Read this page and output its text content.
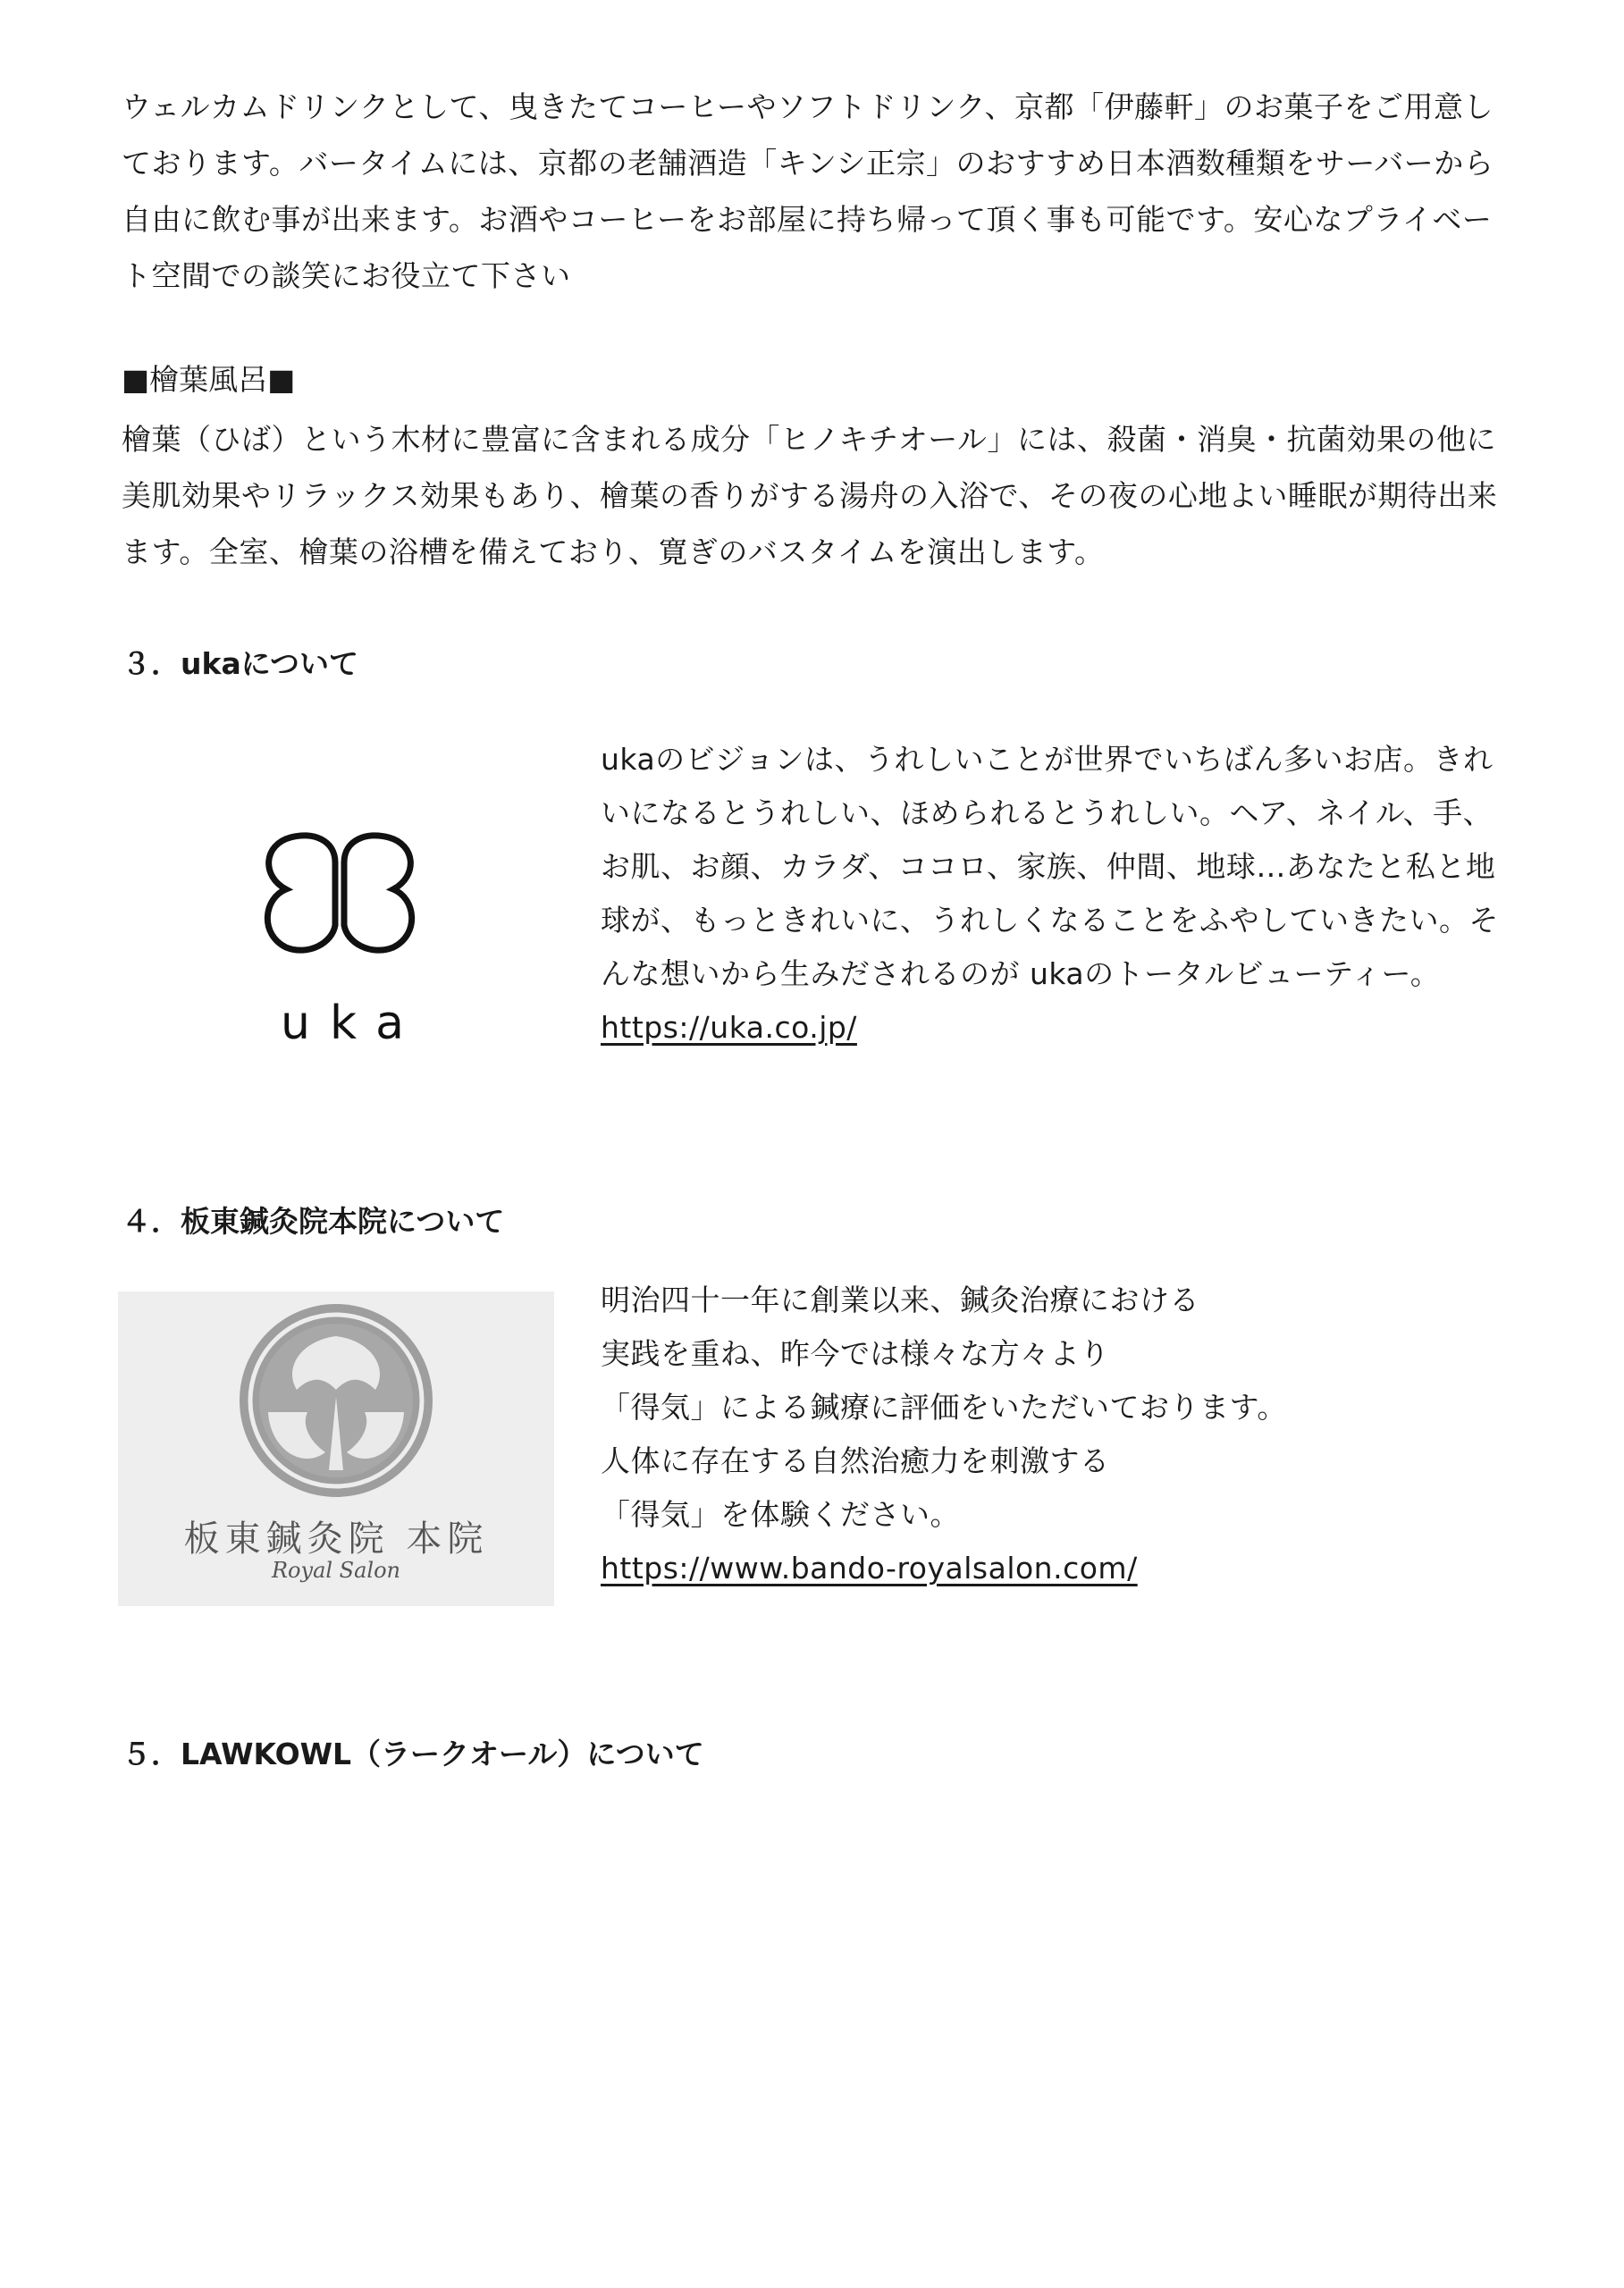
ウェルカムドリンクとして、曳きたてコーヒーやソフトドリンク、京都「伊藤軒」のお菓子をご用意し
ております。バータイムには、京都の老舗酒造「キンシ正宗」のおすすめ日本酒数種類をサーバーから
自由に飲む事が出来ます。お酒やコーヒーをお部屋に持ち帰って頂く事も可能です。安心なプライベー
ト空間での談笑にお役立て下さい
■檜葉風呂■
檜葉（ひば）という木材に豊富に含まれる成分「ヒノキチオール」には、殺菌・消臭・抗菌効果の他に
美肌効果やリラックス効果もあり、檜葉の香りがする湯舟の入浴で、その夜の心地よい睡眠が期待出来
ます。全室、檜葉の浴槽を備えており、寛ぎのバスタイムを演出します。
３．ukaについて
uka
ukaのビジョンは、うれしいことが世界でいちばん多いお店。きれ
いになるとうれしい、ほめられるとうれしい。ヘア、ネイル、手、
お肌、お顔、カラダ、ココロ、家族、仲間、地球…あなたと私と地
球が、もっときれいに、うれしくなることをふやしていきたい。そ
んな想いから生みだされるのが ukaのトータルビューティー。
https://uka.co.jp/
４．板東鍼灸院本院について
板東鍼灸院 本院
Royal Salon
明治四十一年に創業以来、鍼灸治療における
実践を重ね、昨今では様々な方々より
「得気」による鍼療に評価をいただいております。
人体に存在する自然治癒力を刺激する
「得気」を体験ください。
https://www.bando-royalsalon.com/
５．LAWKOWL（ラークオール）について
